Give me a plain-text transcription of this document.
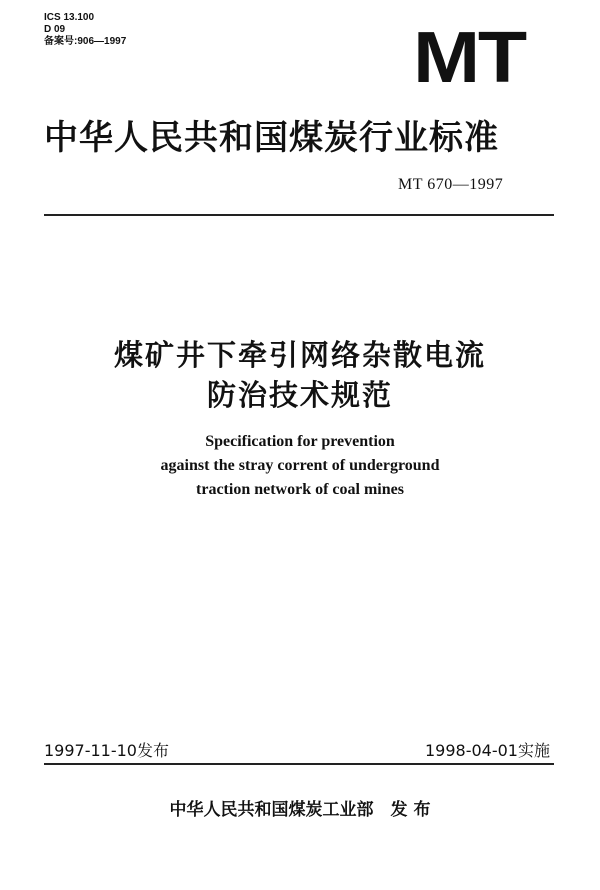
ICS 13.100
D 09
备案号:906—1997	MT
中华人民共和国煤炭行业标准
MT 670—1997
煤矿井下牵引网络杂散电流
防治技术规范
Specification for prevention
against the stray corrent of underground
traction network of coal mines
1997-11-10发布	1998-04-01实施
中华人民共和国煤炭工业部　发 布
